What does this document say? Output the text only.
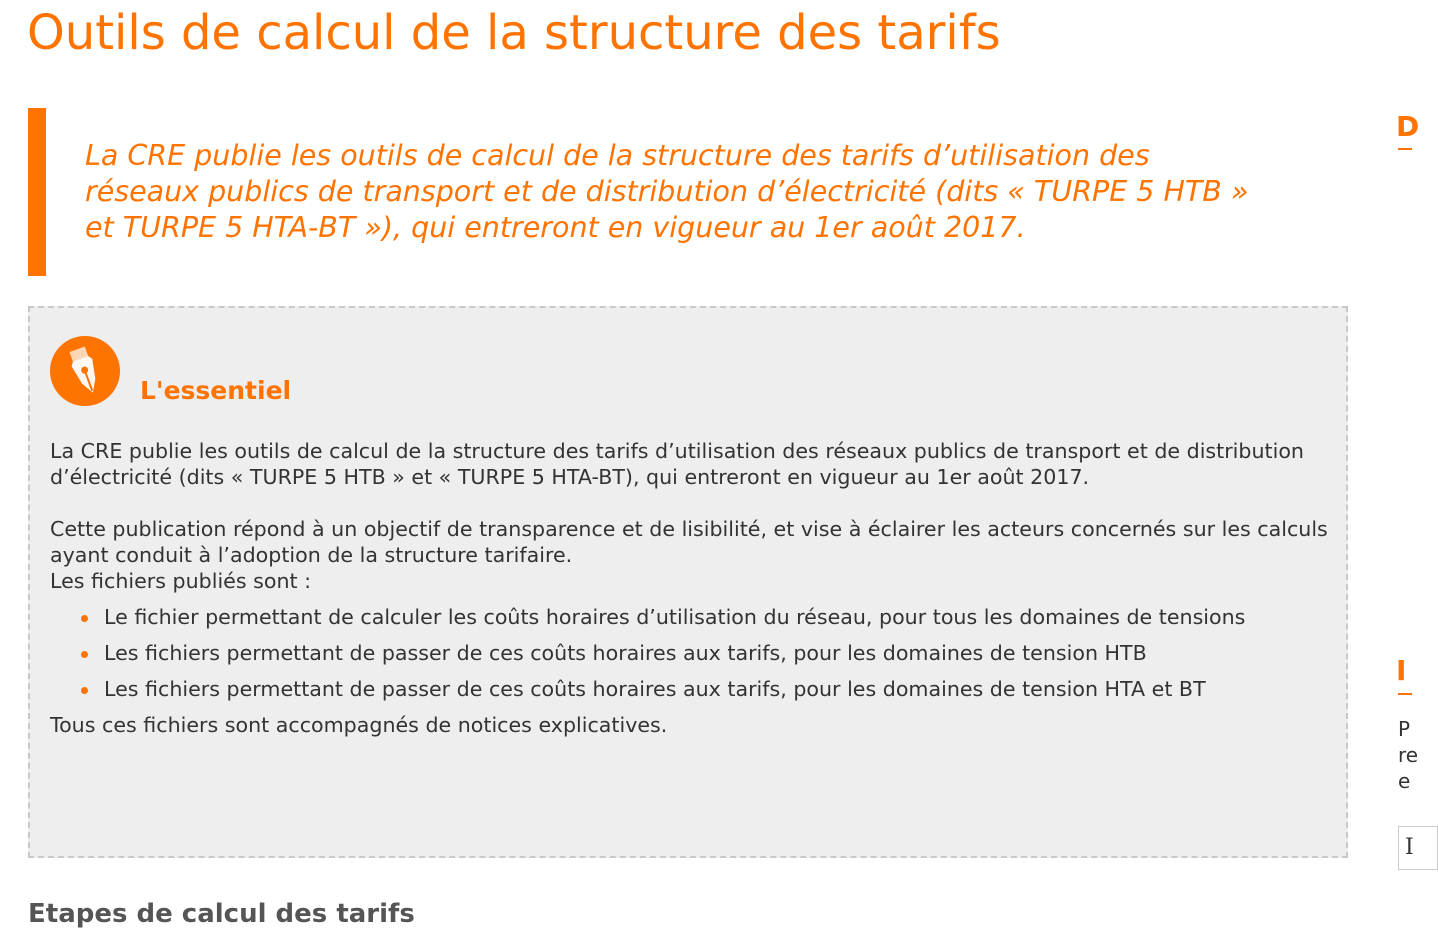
Outils de calcul de la structure des tarifs

La CRE publie les outils de calcul de la structure des tarifs d’utilisation des réseaux publics de transport et de distribution d’électricité (dits « TURPE 5 HTB » et TURPE 5 HTA-BT »), qui entreront en vigueur au 1er août 2017.

L'essentiel

La CRE publie les outils de calcul de la structure des tarifs d’utilisation des réseaux publics de transport et de distribution d’électricité (dits « TURPE 5 HTB » et « TURPE 5 HTA-BT), qui entreront en vigueur au 1er août 2017.

Cette publication répond à un objectif de transparence et de lisibilité, et vise à éclairer les acteurs concernés sur les calculs ayant conduit à l’adoption de la structure tarifaire.

Les fichiers publiés sont :

Le fichier permettant de calculer les coûts horaires d’utilisation du réseau, pour tous les domaines de tensions
Les fichiers permettant de passer de ces coûts horaires aux tarifs, pour les domaines de tension HTB
Les fichiers permettant de passer de ces coûts horaires aux tarifs, pour les domaines de tension HTA et BT

Tous ces fichiers sont accompagnés de notices explicatives.

Etapes de calcul des tarifs
D
I
P
re
e
I
